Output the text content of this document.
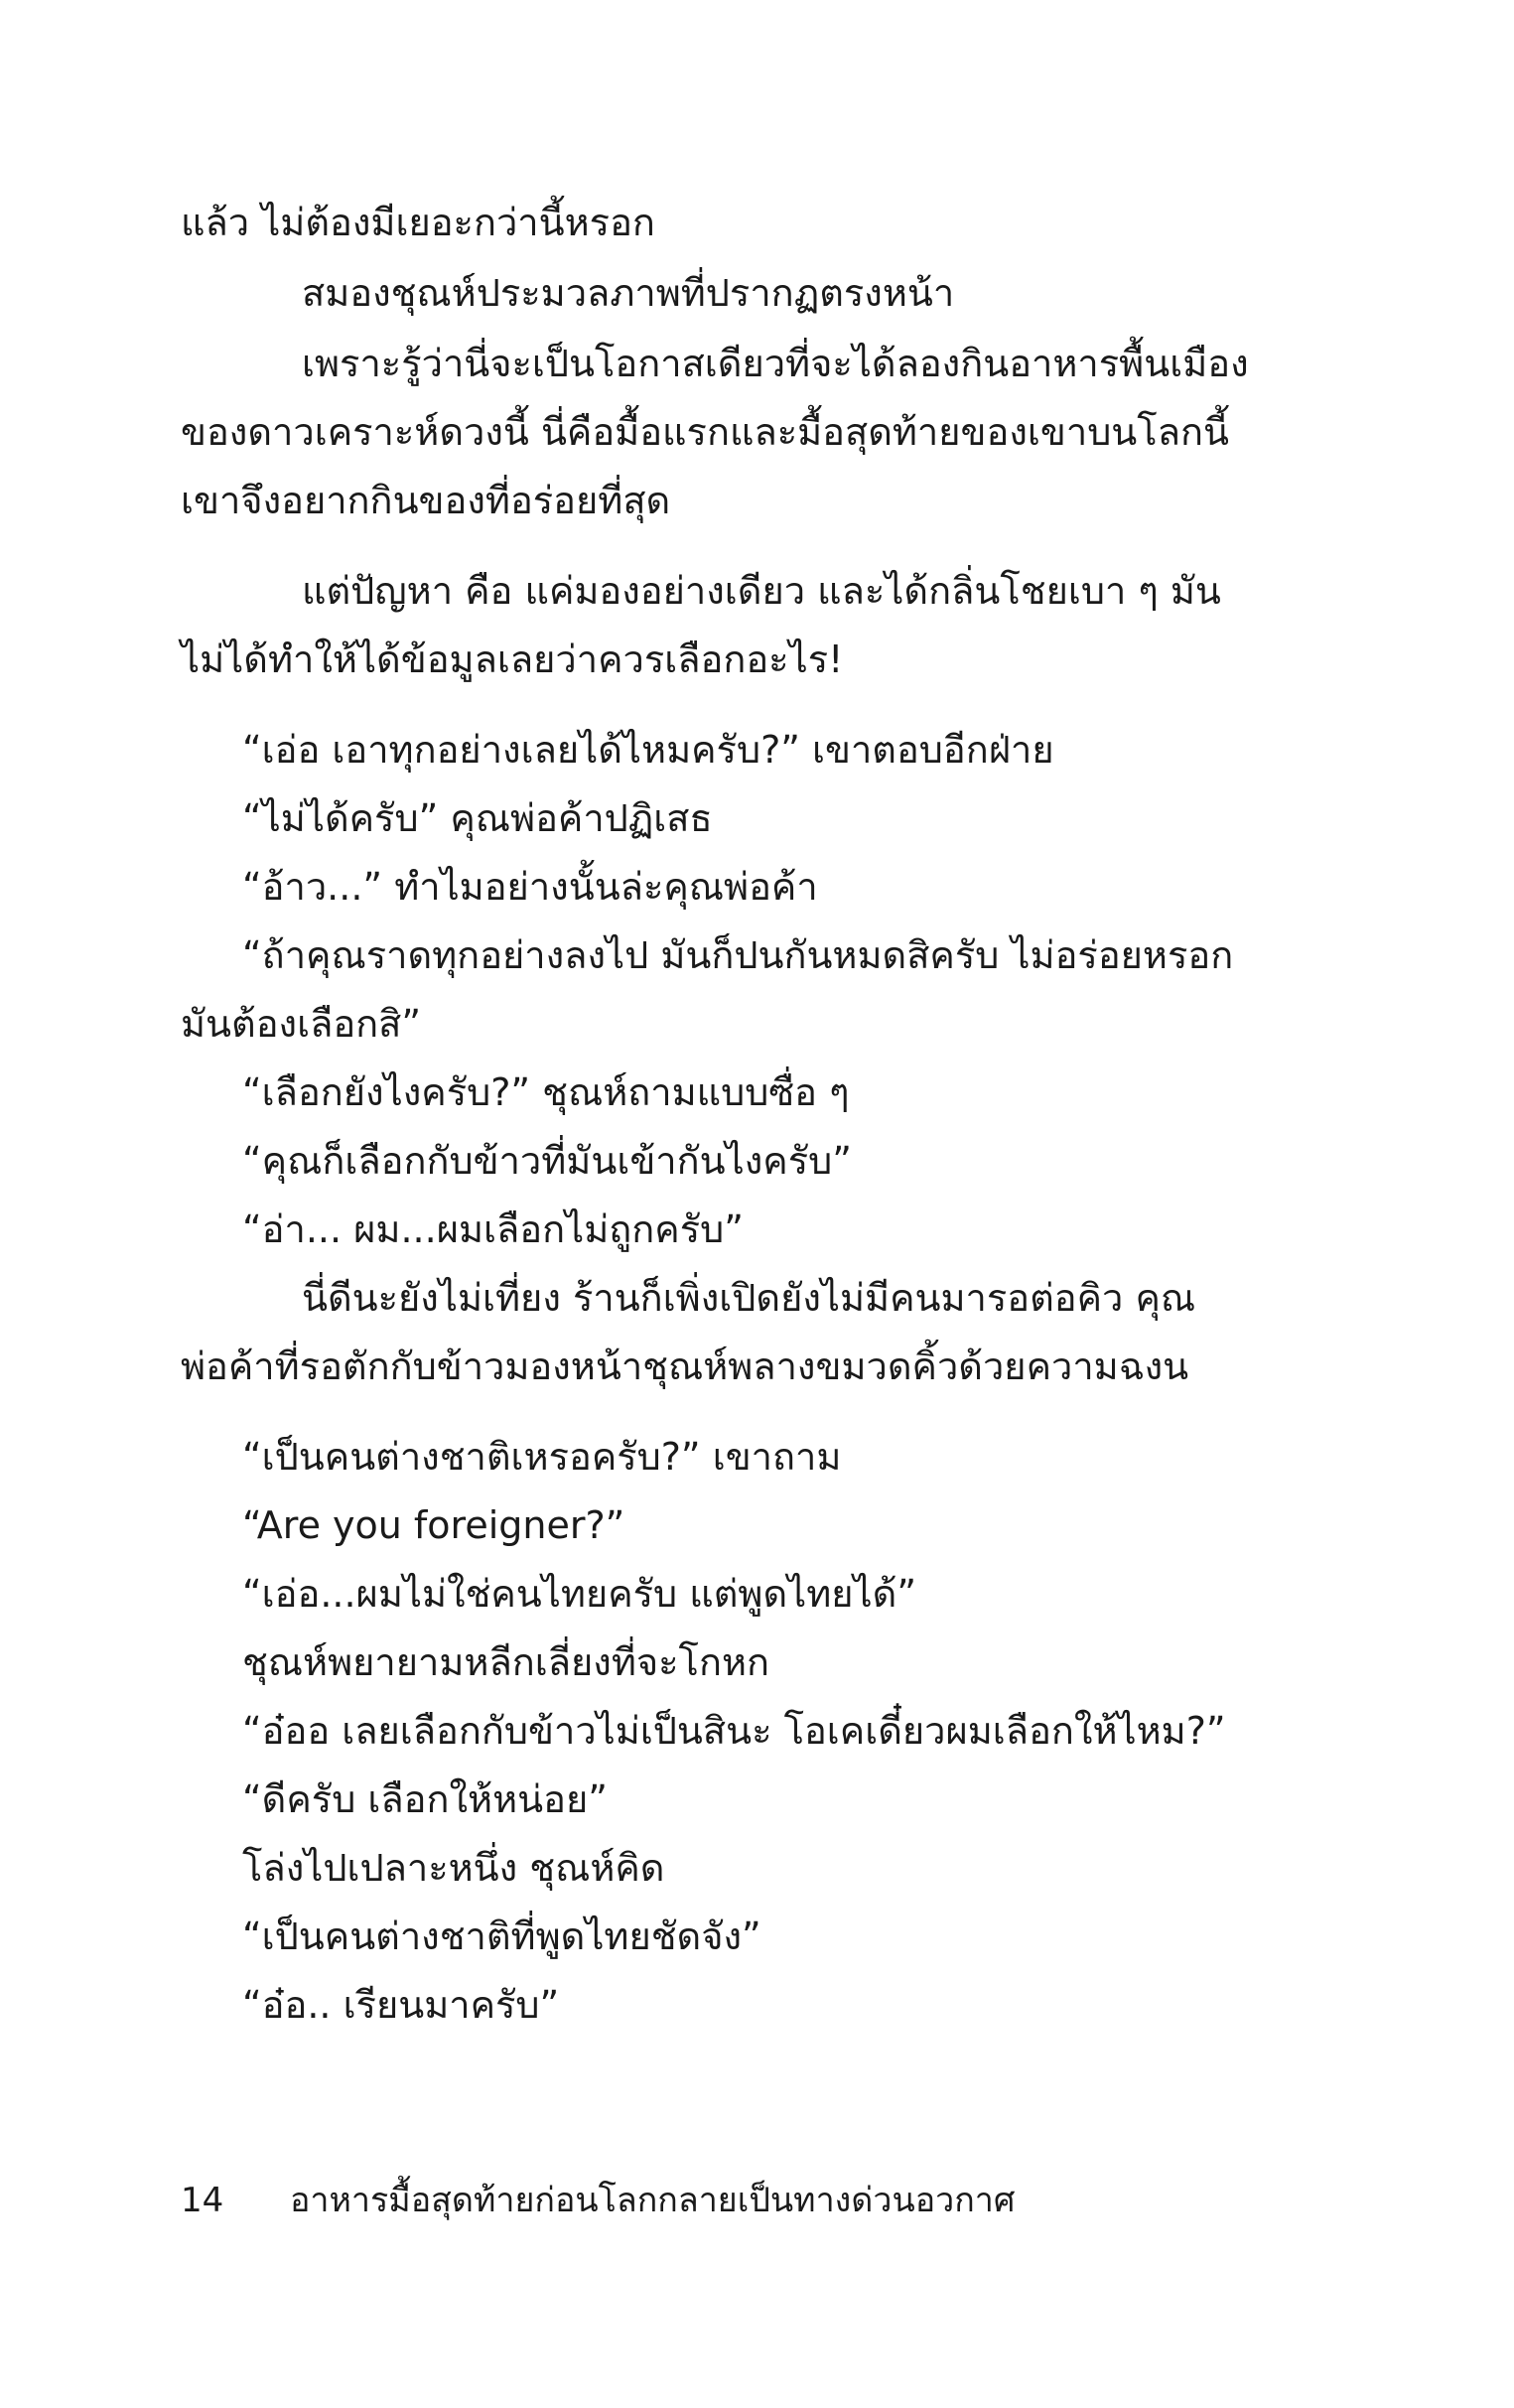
แล้ว ไม่ต้องมีเยอะกว่านี้หรอก
สมองชุณห์ประมวลภาพที่ปรากฏตรงหน้า
เพราะรู้ว่านี่จะเป็นโอกาสเดียวที่จะได้ลองกินอาหารพื้นเมือง
ของดาวเคราะห์ดวงนี้ นี่คือมื้อแรกและมื้อสุดท้ายของเขาบนโลกนี้
เขาจึงอยากกินของที่อร่อยที่สุด
แต่ปัญหา คือ แค่มองอย่างเดียว และได้กลิ่นโชยเบา ๆ มัน
ไม่ได้ทำให้ได้ข้อมูลเลยว่าควรเลือกอะไร!
“เอ่อ เอาทุกอย่างเลยได้ไหมครับ?” เขาตอบอีกฝ่าย
“ไม่ได้ครับ” คุณพ่อค้าปฏิเสธ
“อ้าว...” ทำไมอย่างนั้นล่ะคุณพ่อค้า
“ถ้าคุณราดทุกอย่างลงไป มันก็ปนกันหมดสิครับ ไม่อร่อยหรอก
มันต้องเลือกสิ”
“เลือกยังไงครับ?” ชุณห์ถามแบบซื่อ ๆ
“คุณก็เลือกกับข้าวที่มันเข้ากันไงครับ”
“อ่า... ผม...ผมเลือกไม่ถูกครับ”
นี่ดีนะยังไม่เที่ยง ร้านก็เพิ่งเปิดยังไม่มีคนมารอต่อคิว คุณ
พ่อค้าที่รอตักกับข้าวมองหน้าชุณห์พลางขมวดคิ้วด้วยความฉงน
“เป็นคนต่างชาติเหรอครับ?” เขาถาม
“Are you foreigner?”
“เอ่อ...ผมไม่ใช่คนไทยครับ แต่พูดไทยได้”
ชุณห์พยายามหลีกเลี่ยงที่จะโกหก
“อ๋ออ เลยเลือกกับข้าวไม่เป็นสินะ โอเคเดี๋ยวผมเลือกให้ไหม?”
“ดีครับ เลือกให้หน่อย”
โล่งไปเปลาะหนึ่ง ชุณห์คิด
“เป็นคนต่างชาติที่พูดไทยชัดจัง”
“อ๋อ.. เรียนมาครับ”
14 อาหารมื้อสุดท้ายก่อนโลกกลายเป็นทางด่วนอวกาศ
